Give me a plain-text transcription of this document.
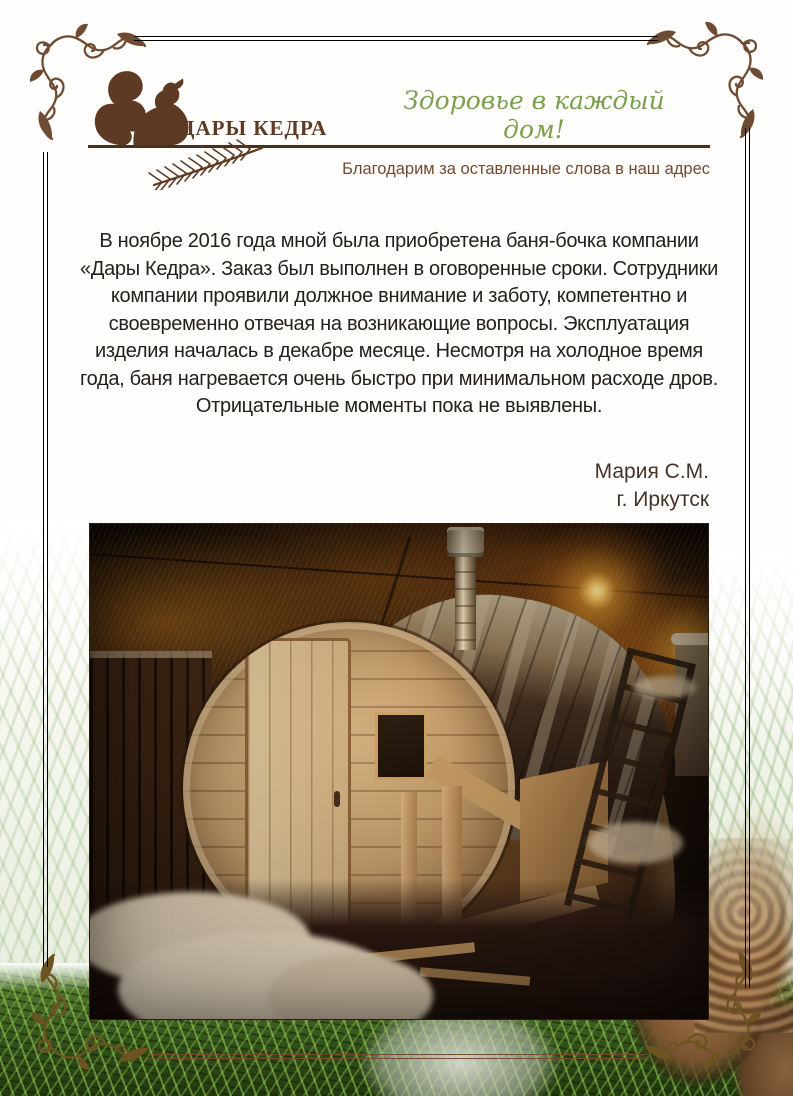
ДАРЫ КЕДРА
Здоровье в каждый дом!
Благодарим за оставленные слова в наш адрес

В ноябре 2016 года мной была приобретена баня-бочка компании «Дары Кедра». Заказ был выполнен в оговоренные сроки. Сотрудники компании проявили должное внимание и заботу, компетентно и своевременно отвечая на возникающие вопросы. Эксплуатация изделия началась в декабре месяце. Несмотря на холодное время года, баня нагревается очень быстро при минимальном расходе дров. Отрицательные моменты пока не выявлены.

Мария С.М.
г. Иркутск
